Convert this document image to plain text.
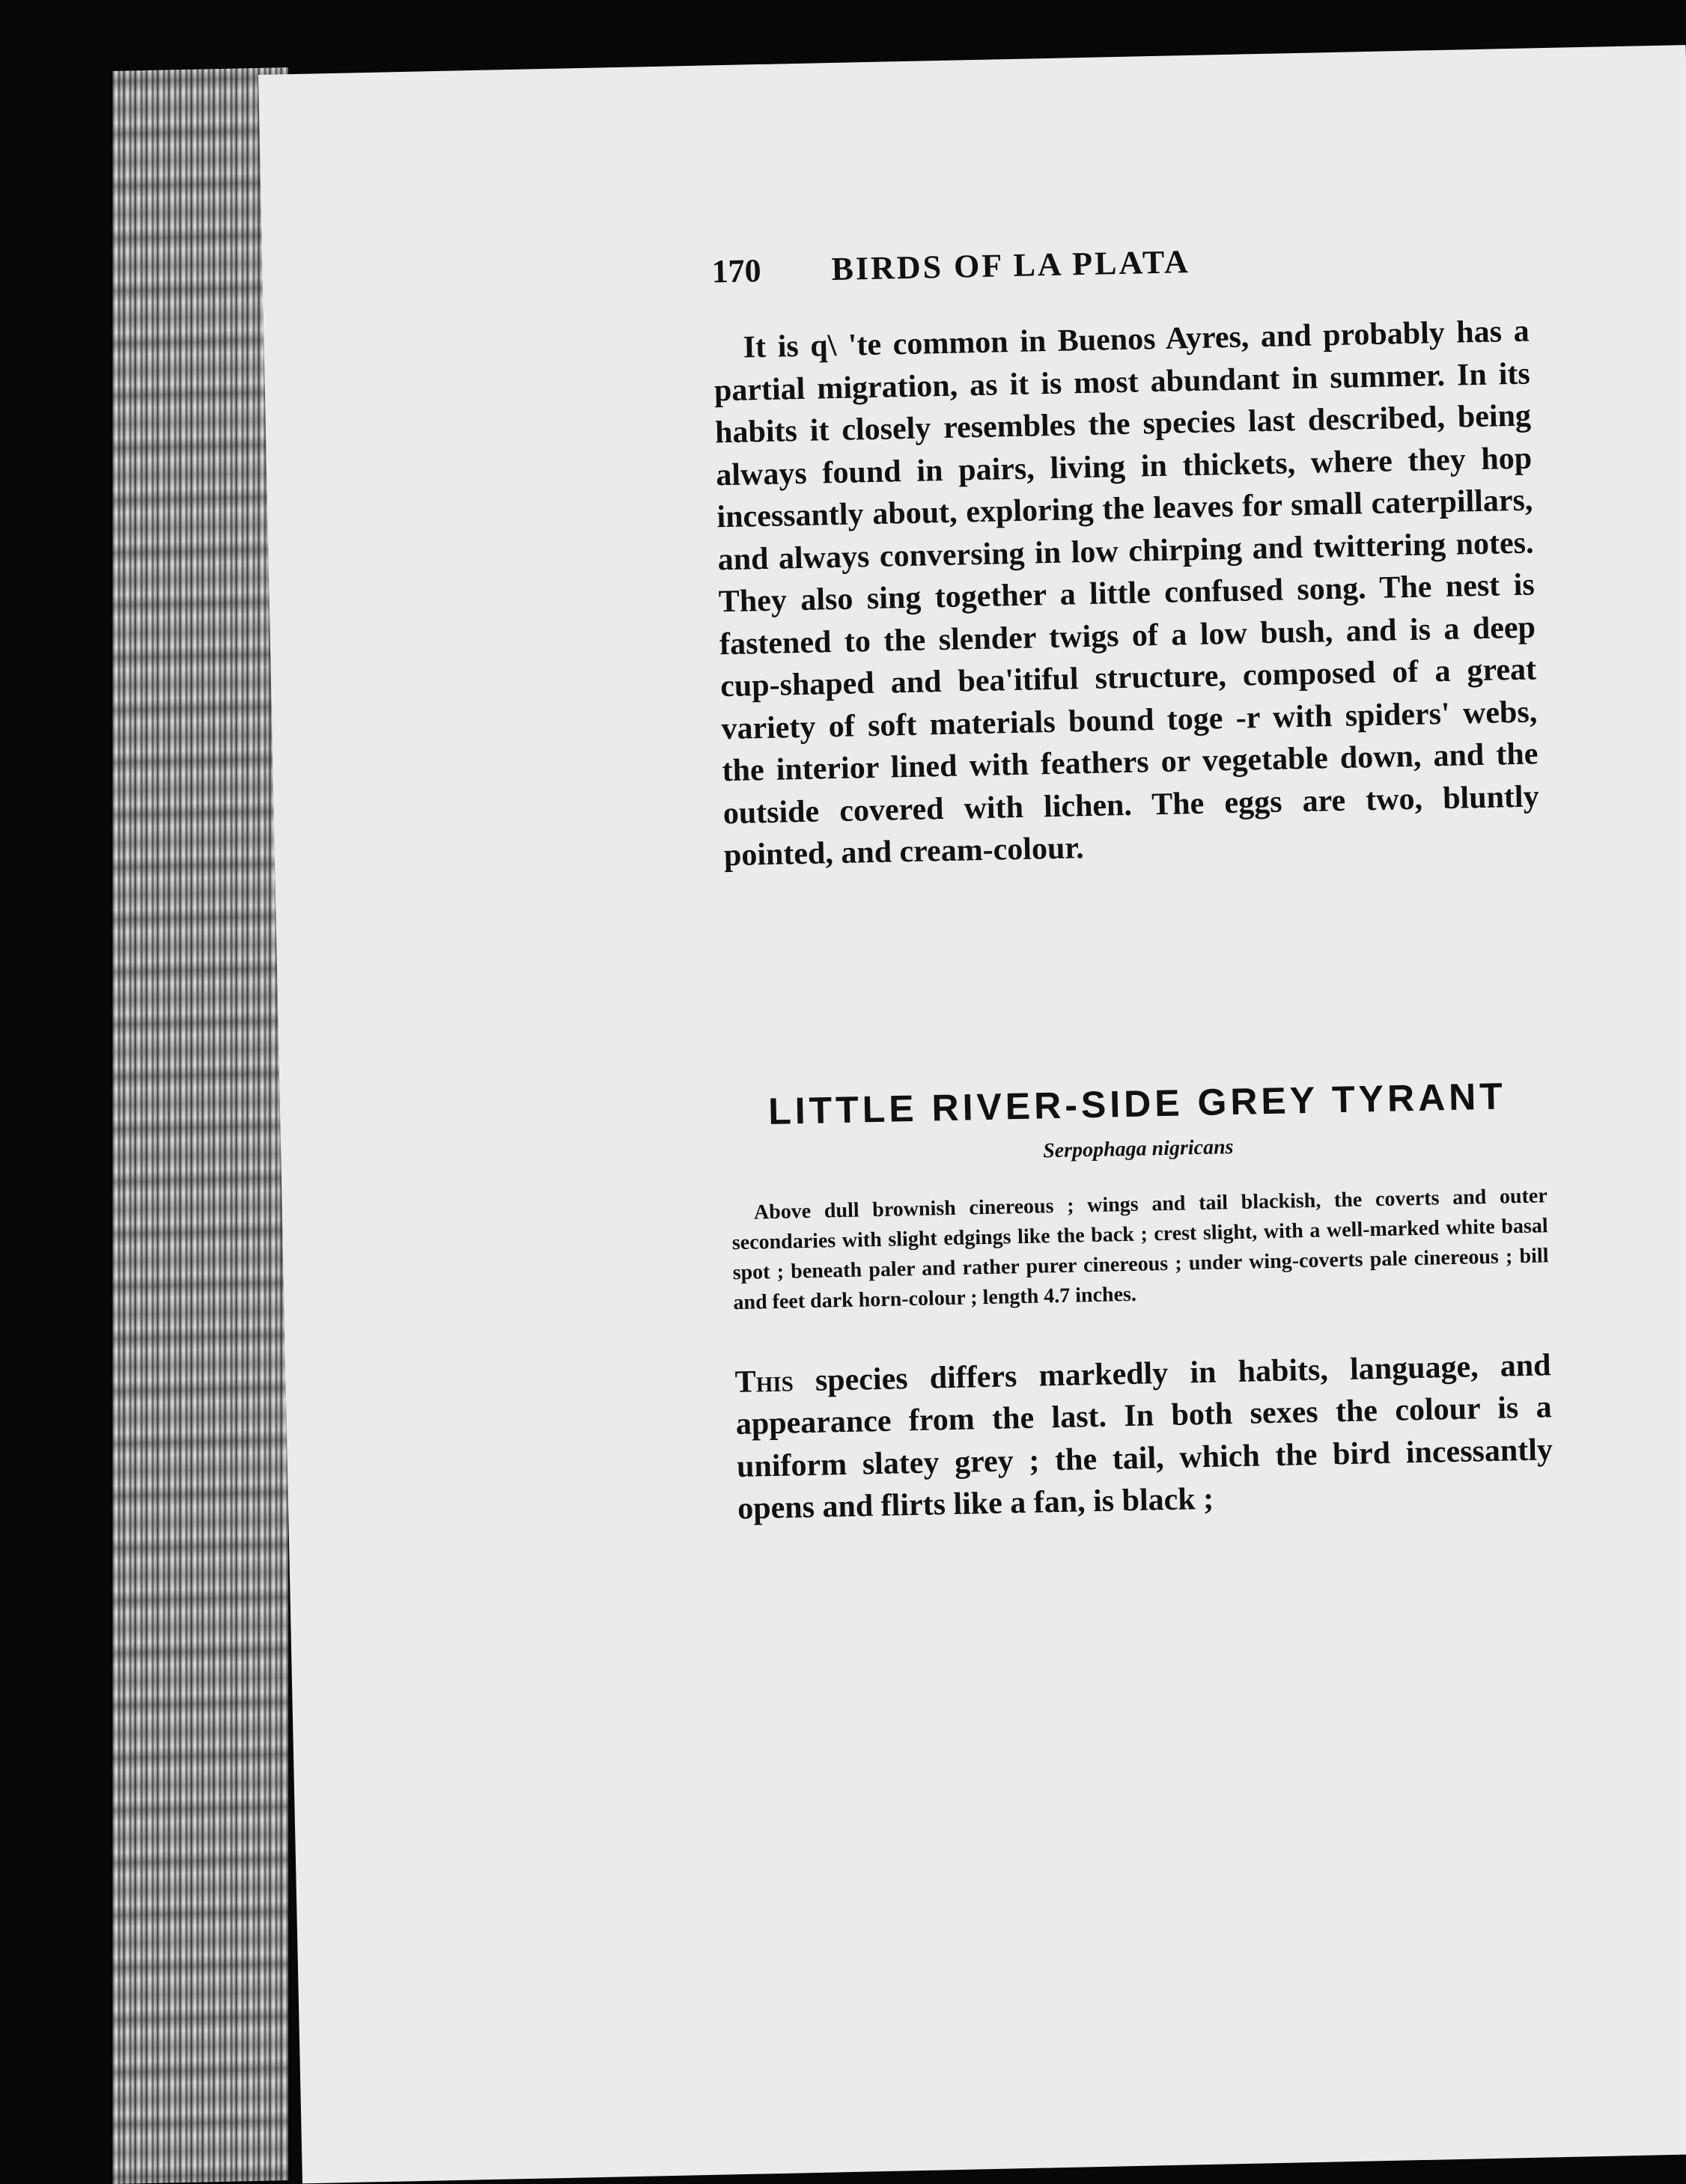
170	BIRDS OF LA PLATA

It is q\ 'te common in Buenos Ayres, and probably has a partial migration, as it is most abundant in summer. In its habits it closely resembles the species last described, being always found in pairs, living in thickets, where they hop incessantly about, exploring the leaves for small caterpillars, and always conversing in low chirping and twittering notes. They also sing together a little confused song. The nest is fastened to the slender twigs of a low bush, and is a deep cup-shaped and bea'itiful structure, composed of a great variety of soft materials bound toge -r with spiders' webs, the interior lined with feathers or vegetable down, and the outside covered with lichen. The eggs are two, bluntly pointed, and cream-colour.

LITTLE RIVER-SIDE GREY TYRANT
Serpophaga nigricans

Above dull brownish cinereous ; wings and tail blackish, the coverts and outer secondaries with slight edgings like the back ; crest slight, with a well-marked white basal spot ; beneath paler and rather purer cinereous ; under wing-coverts pale cinereous ; bill and feet dark horn-colour ; length 4.7 inches.

This species differs markedly in habits, language, and appearance from the last. In both sexes the colour is a uniform slatey grey ; the tail, which the bird incessantly opens and flirts like a fan, is black ;
